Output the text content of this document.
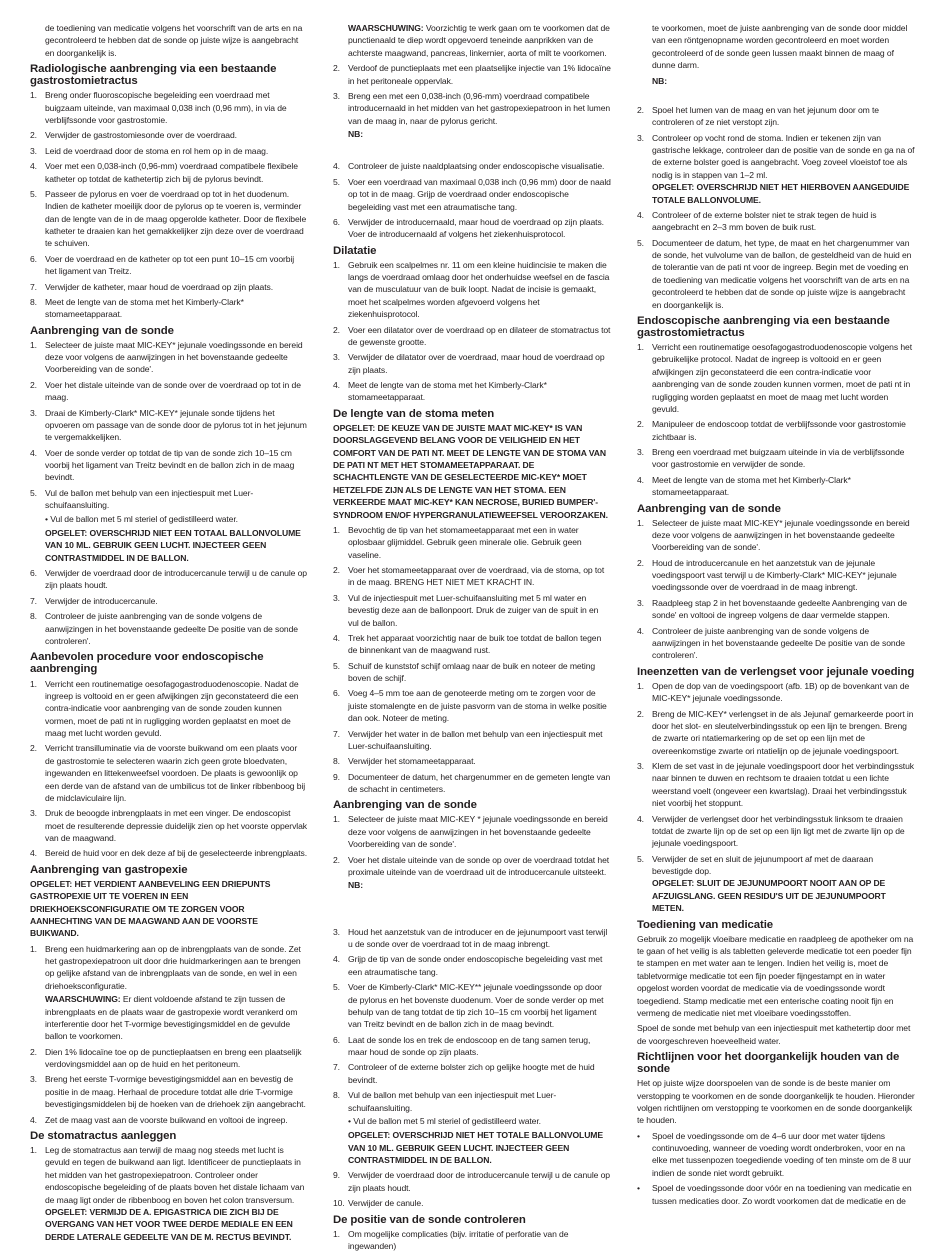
de toediening van medicatie volgens het voorschrift van de arts en na gecontroleerd te hebben dat de sonde op juiste wijze is aangebracht en doorgankelijk is.

Radiologische aanbrenging via een bestaande gastrostomietractus
1. Breng onder fluoroscopische begeleiding een voerdraad met buigzaam uiteinde, van maximaal 0,038 inch (0,96 mm), in via de verblijfssonde voor gastrostomie.
2. Verwijder de gastrostomiesonde over de voerdraad.
3. Leid de voerdraad door de stoma en rol hem op in de maag.
4. Voer met een 0,038-inch (0,96-mm) voerdraad compatibele flexibele katheter op totdat de kathetertip zich bij de pylorus bevindt.
5. Passeer de pylorus en voer de voerdraad op tot in het duodenum. Indien de katheter moeilijk door de pylorus op te voeren is, verminder dan de lengte van de in de maag opgerolde katheter. Door de flexibele katheter te draaien kan het gemakkelijker zijn deze over de voerdraad te schuiven.
6. Voer de voerdraad en de katheter op tot een punt 10–15 cm voorbij het ligament van Treitz.
7. Verwijder de katheter, maar houd de voerdraad op zijn plaats.
8. Meet de lengte van de stoma met het Kimberly-Clark* stomameetapparaat.
Aanbrenging van de sonde
1. Selecteer de juiste maat MIC-KEY* jejunale voedingssonde en bereid deze voor volgens de aanwijzingen in het bovenstaande gedeelte Voorbereiding van de sonde'.
2. Voer het distale uiteinde van de sonde over de voerdraad op tot in de maag.
3. Draai de Kimberly-Clark* MIC-KEY* jejunale sonde tijdens het opvoeren om passage van de sonde door de pylorus tot in het jejunum te vergemakkelijken.
4. Voer de sonde verder op totdat de tip van de sonde zich 10–15 cm voorbij het ligament van Treitz bevindt en de ballon zich in de maag bevindt.
5. Vul de ballon met behulp van een injectiespuit met Luer-schuifaansluiting.
• Vul de ballon met 5 ml steriel of gedistilleerd water.
OPGELET: OVERSCHRIJD NIET EEN TOTAAL BALLONVOLUME VAN 10 ML. GEBRUIK GEEN LUCHT. INJECTEER GEEN CONTRASTMIDDEL IN DE BALLON.
6. Verwijder de voerdraad door de introducercanule terwijl u de canule op zijn plaats houdt.
7. Verwijder de introducercanule.
8. Controleer de juiste aanbrenging van de sonde volgens de aanwijzingen in het bovenstaande gedeelte De positie van de sonde controleren'.
Aanbevolen procedure voor endoscopische aanbrenging
1. Verricht een routinematige oesofagogastroduodenoscopie. Nadat de ingreep is voltooid en er geen afwijkingen zijn geconstateerd die een contra-indicatie voor aanbrenging van de sonde zouden kunnen vormen, moet de pati nt in rugligging worden geplaatst en moet de maag met lucht worden gevuld.
2. Verricht transilluminatie via de voorste buikwand om een plaats voor de gastrostomie te selecteren waarin zich geen grote bloedvaten, ingewanden en littekenweefsel voordoen. De plaats is gewoonlijk op een derde van de afstand van de umbilicus tot de linker ribbenboog bij de midclaviculaire lijn.
3. Druk de beoogde inbrengplaats in met een vinger. De endoscopist moet de resulterende depressie duidelijk zien op het voorste oppervlak van de maagwand.
4. Bereid de huid voor en dek deze af bij de geselecteerde inbrengplaats.
Aanbrenging van gastropexie

OPGELET: HET VERDIENT AANBEVELING EEN DRIEPUNTS GASTROPEXIE UIT TE VOEREN IN EEN DRIEKHOEKSCONFIGURATIE OM TE ZORGEN VOOR AANHECHTING VAN DE MAAGWAND AAN DE VOORSTE BUIKWAND.

1. Breng een huidmarkering aan op de inbrengplaats van de sonde. Zet het gastropexiepatroon uit door drie huidmarkeringen aan te brengen op gelijke afstand van de inbrengplaats van de sonde, en wel in een driehoeksconfiguratie.
WAARSCHUWING: Er dient voldoende afstand te zijn tussen de inbrengplaats en de plaats waar de gastropexie wordt verankerd om interferentie door het T-vormige bevestigingsmiddel en de gevulde ballon te voorkomen.
2. Dien 1% lidocaïne toe op de punctieplaatsen en breng een plaatselijk verdovingsmiddel aan op de huid en het peritoneum.
3. Breng het eerste T-vormige bevestigingsmiddel aan en bevestig de positie in de maag. Herhaal de procedure totdat alle drie T-vormige bevestigingsmiddelen bij de hoeken van de driehoek zijn aangebracht.
4. Zet de maag vast aan de voorste buikwand en voltooi de ingreep.
De stomatractus aanleggen
1. Leg de stomatractus aan terwijl de maag nog steeds met lucht is gevuld en tegen de buikwand aan ligt. Identificeer de punctieplaats in het midden van het gastropexiepatroon. Controleer onder endoscopische begeleiding of de plaats boven het distale lichaam van de maag ligt onder de ribbenboog en boven het colon transversum.
OPGELET: VERMIJD DE A. EPIGASTRICA DIE ZICH BIJ DE OVERGANG VAN HET VOOR TWEE DERDE MEDIALE EN EEN DERDE LATERALE GEDEELTE VAN DE M. RECTUS BEVINDT.

WAARSCHUWING: Voorzichtig te werk gaan om te voorkomen dat de punctienaald te diep wordt opgevoerd teneinde aanprikken van de achterste maagwand, pancreas, linkernier, aorta of milt te voorkomen.

2. Verdoof de punctieplaats met een plaatselijke injectie van 1% lidocaïne in het peritoneale oppervlak.
3. Breng een met een 0,038-inch (0,96-mm) voerdraad compatibele introducernaald in het midden van het gastropexiepatroon in het lumen van de maag in, naar de pylorus gericht.
NB:
4. Controleer de juiste naaldplaatsing onder endoscopische visualisatie.
5. Voer een voerdraad van maximaal 0,038 inch (0,96 mm) door de naald op tot in de maag. Grijp de voerdraad onder endoscopische begeleiding vast met een atraumatische tang.
6. Verwijder de introducernaald, maar houd de voerdraad op zijn plaats. Voer de introducernaald af volgens het ziekenhuisprotocol.
Dilatatie
1. Gebruik een scalpelmes nr. 11 om een kleine huidincisie te maken die langs de voerdraad omlaag door het onderhuidse weefsel en de fascia van de musculatuur van de buik loopt. Nadat de incisie is gemaakt, moet het scalpelmes worden afgevoerd volgens het ziekenhuisprotocol.
2. Voer een dilatator over de voerdraad op en dilateer de stomatractus tot de gewenste grootte.
3. Verwijder de dilatator over de voerdraad, maar houd de voerdraad op zijn plaats.
4. Meet de lengte van de stoma met het Kimberly-Clark* stomameetapparaat.
De lengte van de stoma meten

OPGELET: DE KEUZE VAN DE JUISTE MAAT MIC-KEY* IS VAN DOORSLAGGEVEND BELANG VOOR DE VEILIGHEID EN HET COMFORT VAN DE PATI NT. MEET DE LENGTE VAN DE STOMA VAN DE PATI NT MET HET STOMAMEETAPPARAAT. DE SCHACHTLENGTE VAN DE GESELECTEERDE MIC-KEY* MOET HETZELFDE ZIJN ALS DE LENGTE VAN HET STOMA. EEN VERKEERDE MAAT MIC-KEY* KAN NECROSE, BURIED BUMPER'-SYNDROOM EN/OF HYPERGRANULATIEWEEFSEL VEROORZAKEN.

1. Bevochtig de tip van het stomameetapparaat met een in water oplosbaar glijmiddel. Gebruik geen minerale olie. Gebruik geen vaseline.
2. Voer het stomameetapparaat over de voerdraad, via de stoma, op tot in de maag. BRENG HET NIET MET KRACHT IN.
3. Vul de injectiespuit met Luer-schuifaansluiting met 5 ml water en bevestig deze aan de ballonpoort. Druk de zuiger van de spuit in en vul de ballon.
4. Trek het apparaat voorzichtig naar de buik toe totdat de ballon tegen de binnenkant van de maagwand rust.
5. Schuif de kunststof schijf omlaag naar de buik en noteer de meting boven de schijf.
6. Voeg 4–5 mm toe aan de genoteerde meting om te zorgen voor de juiste stomalengte en de juiste pasvorm van de stoma in welke positie dan ook. Noteer de meting.
7. Verwijder het water in de ballon met behulp van een injectiespuit met Luer-schuifaansluiting.
8. Verwijder het stomameetapparaat.
9. Documenteer de datum, het chargenummer en de gemeten lengte van de schacht in centimeters.
Aanbrenging van de sonde
1. Selecteer de juiste maat MIC-KEY * jejunale voedingssonde en bereid deze voor volgens de aanwijzingen in het bovenstaande gedeelte Voorbereiding van de sonde'.
2. Voer het distale uiteinde van de sonde op over de voerdraad totdat het proximale uiteinde van de voerdraad uit de introducercanule uitsteekt.
NB:
3. Houd het aanzetstuk van de introducer en de jejunumpoort vast terwijl u de sonde over de voerdraad tot in de maag inbrengt.
4. Grijp de tip van de sonde onder endoscopische begeleiding vast met een atraumatische tang.
5. Voer de Kimberly-Clark* MIC-KEY** jejunale voedingssonde op door de pylorus en het bovenste duodenum. Voer de sonde verder op met behulp van de tang totdat de tip zich 10–15 cm voorbij het ligament van Treitz bevindt en de ballon zich in de maag bevindt.
6. Laat de sonde los en trek de endoscoop en de tang samen terug, maar houd de sonde op zijn plaats.
7. Controleer of de externe bolster zich op gelijke hoogte met de huid bevindt.
8. Vul de ballon met behulp van een injectiespuit met Luer-schuifaansluiting.
• Vul de ballon met 5 ml steriel of gedistilleerd water.
OPGELET: OVERSCHRIJD NIET HET TOTALE BALLONVOLUME VAN 10 ML. GEBRUIK GEEN LUCHT. INJECTEER GEEN CONTRASTMIDDEL IN DE BALLON.
9. Verwijder de voerdraad door de introducercanule terwijl u de canule op zijn plaats houdt.
10. Verwijder de canule.
De positie van de sonde controleren
1. Om mogelijke complicaties (bijv. irritatie of perforatie van de ingewanden)

te voorkomen, moet de juiste aanbrenging van de sonde door middel van een röntgenopname worden gecontroleerd en moet worden gecontroleerd of de sonde geen lussen maakt binnen de maag of dunne darm.

NB:

2. Spoel het lumen van de maag en van het jejunum door om te controleren of ze niet verstopt zijn.
3. Controleer op vocht rond de stoma. Indien er tekenen zijn van gastrische lekkage, controleer dan de positie van de sonde en ga na of de externe bolster goed is aangebracht. Voeg zoveel vloeistof toe als nodig is in stappen van 1–2 ml.
OPGELET: OVERSCHRIJD NIET HET HIERBOVEN AANGEDUIDE TOTALE BALLONVOLUME.
4. Controleer of de externe bolster niet te strak tegen de huid is aangebracht en 2–3 mm boven de buik rust.
5. Documenteer de datum, het type, de maat en het chargenummer van de sonde, het vulvolume van de ballon, de gesteldheid van de huid en de tolerantie van de pati nt voor de ingreep. Begin met de voeding en de toediening van medicatie volgens het voorschrift van de arts en na gecontroleerd te hebben dat de sonde op juiste wijze is aangebracht en doorgankelijk is.
Endoscopische aanbrenging via een bestaande gastrostomietractus
1. Verricht een routinematige oesofagogastroduodenoscopie volgens het gebruikelijke protocol. Nadat de ingreep is voltooid en er geen afwijkingen zijn geconstateerd die een contra-indicatie voor aanbrenging van de sonde zouden kunnen vormen, moet de pati nt in rugligging worden geplaatst en moet de maag met lucht worden gevuld.
2. Manipuleer de endoscoop totdat de verblijfssonde voor gastrostomie zichtbaar is.
3. Breng een voerdraad met buigzaam uiteinde in via de verblijfssonde voor gastrostomie en verwijder de sonde.
4. Meet de lengte van de stoma met het Kimberly-Clark* stomameetapparaat.
Aanbrenging van de sonde
1. Selecteer de juiste maat MIC-KEY* jejunale voedingssonde en bereid deze voor volgens de aanwijzingen in het bovenstaande gedeelte Voorbereiding van de sonde'.
2. Houd de introducercanule en het aanzetstuk van de jejunale voedingspoort vast terwijl u de Kimberly-Clark* MIC-KEY* jejunale voedingssonde over de voerdraad in de maag inbrengt.
3. Raadpleeg stap 2 in het bovenstaande gedeelte Aanbrenging van de sonde' en voltooi de ingreep volgens de daar vermelde stappen.
4. Controleer de juiste aanbrenging van de sonde volgens de aanwijzingen in het bovenstaande gedeelte De positie van de sonde controleren'.
Ineenzetten van de verlengset voor jejunale voeding
1. Open de dop van de voedingspoort (afb. 1B) op de bovenkant van de MIC-KEY* jejunale voedingssonde.
2. Breng de MIC-KEY* verlengset in de als Jejunal' gemarkeerde poort in door het slot- en sleutelverbindingsstuk op een lijn te brengen. Breng de zwarte ori ntatiemarkering op de set op een lijn met de overeenkomstige zwarte ori ntatielijn op de jejunale voedingspoort.
3. Klem de set vast in de jejunale voedingspoort door het verbindingsstuk naar binnen te duwen en rechtsom te draaien totdat u een lichte weerstand voelt (ongeveer een kwartslag). Draai het verbindingsstuk niet voorbij het stoppunt.
4. Verwijder de verlengset door het verbindingsstuk linksom te draaien totdat de zwarte lijn op de set op een lijn ligt met de zwarte lijn op de jejunale voedingspoort.
5. Verwijder de set en sluit de jejunumpoort af met de daaraan bevestigde dop.
OPGELET: SLUIT DE JEJUNUMPOORT NOOIT AAN OP DE AFZUIGSLANG. GEEN RESIDU'S UIT DE JEJUNUMPOORT METEN.
Toediening van medicatie

Gebruik zo mogelijk vloeibare medicatie en raadpleeg de apotheker om na te gaan of het veilig is als tabletten geleverde medicatie tot een poeder fijn te stampen en met water aan te lengen. Indien het veilig is, moet de tabletvormige medicatie tot een fijn poeder fijngestampt en in water opgelost worden voordat de medicatie via de voedingssonde wordt toegediend. Stamp medicatie met een enterische coating nooit fijn en vermeng de medicatie niet met vloeibare voedingsstoffen.

Spoel de sonde met behulp van een injectiespuit met kathetertip door met de voorgeschreven hoeveelheid water.

Richtlijnen voor het doorgankelijk houden van de sonde

Het op juiste wijze doorspoelen van de sonde is de beste manier om verstopping te voorkomen en de sonde doorgankelijk te houden. Hieronder volgen richtlijnen om verstopping te voorkomen en de sonde doorgankelijk te houden.

• Spoel de voedingssonde om de 4–6 uur door met water tijdens continuvoeding, wanneer de voeding wordt onderbroken, voor en na elke met tussenpozen toegediende voeding of ten minste om de 8 uur indien de sonde niet wordt gebruikt.
• Spoel de voedingssonde door vóór en na toediening van medicatie en tussen medicaties door. Zo wordt voorkomen dat de medicatie en de
